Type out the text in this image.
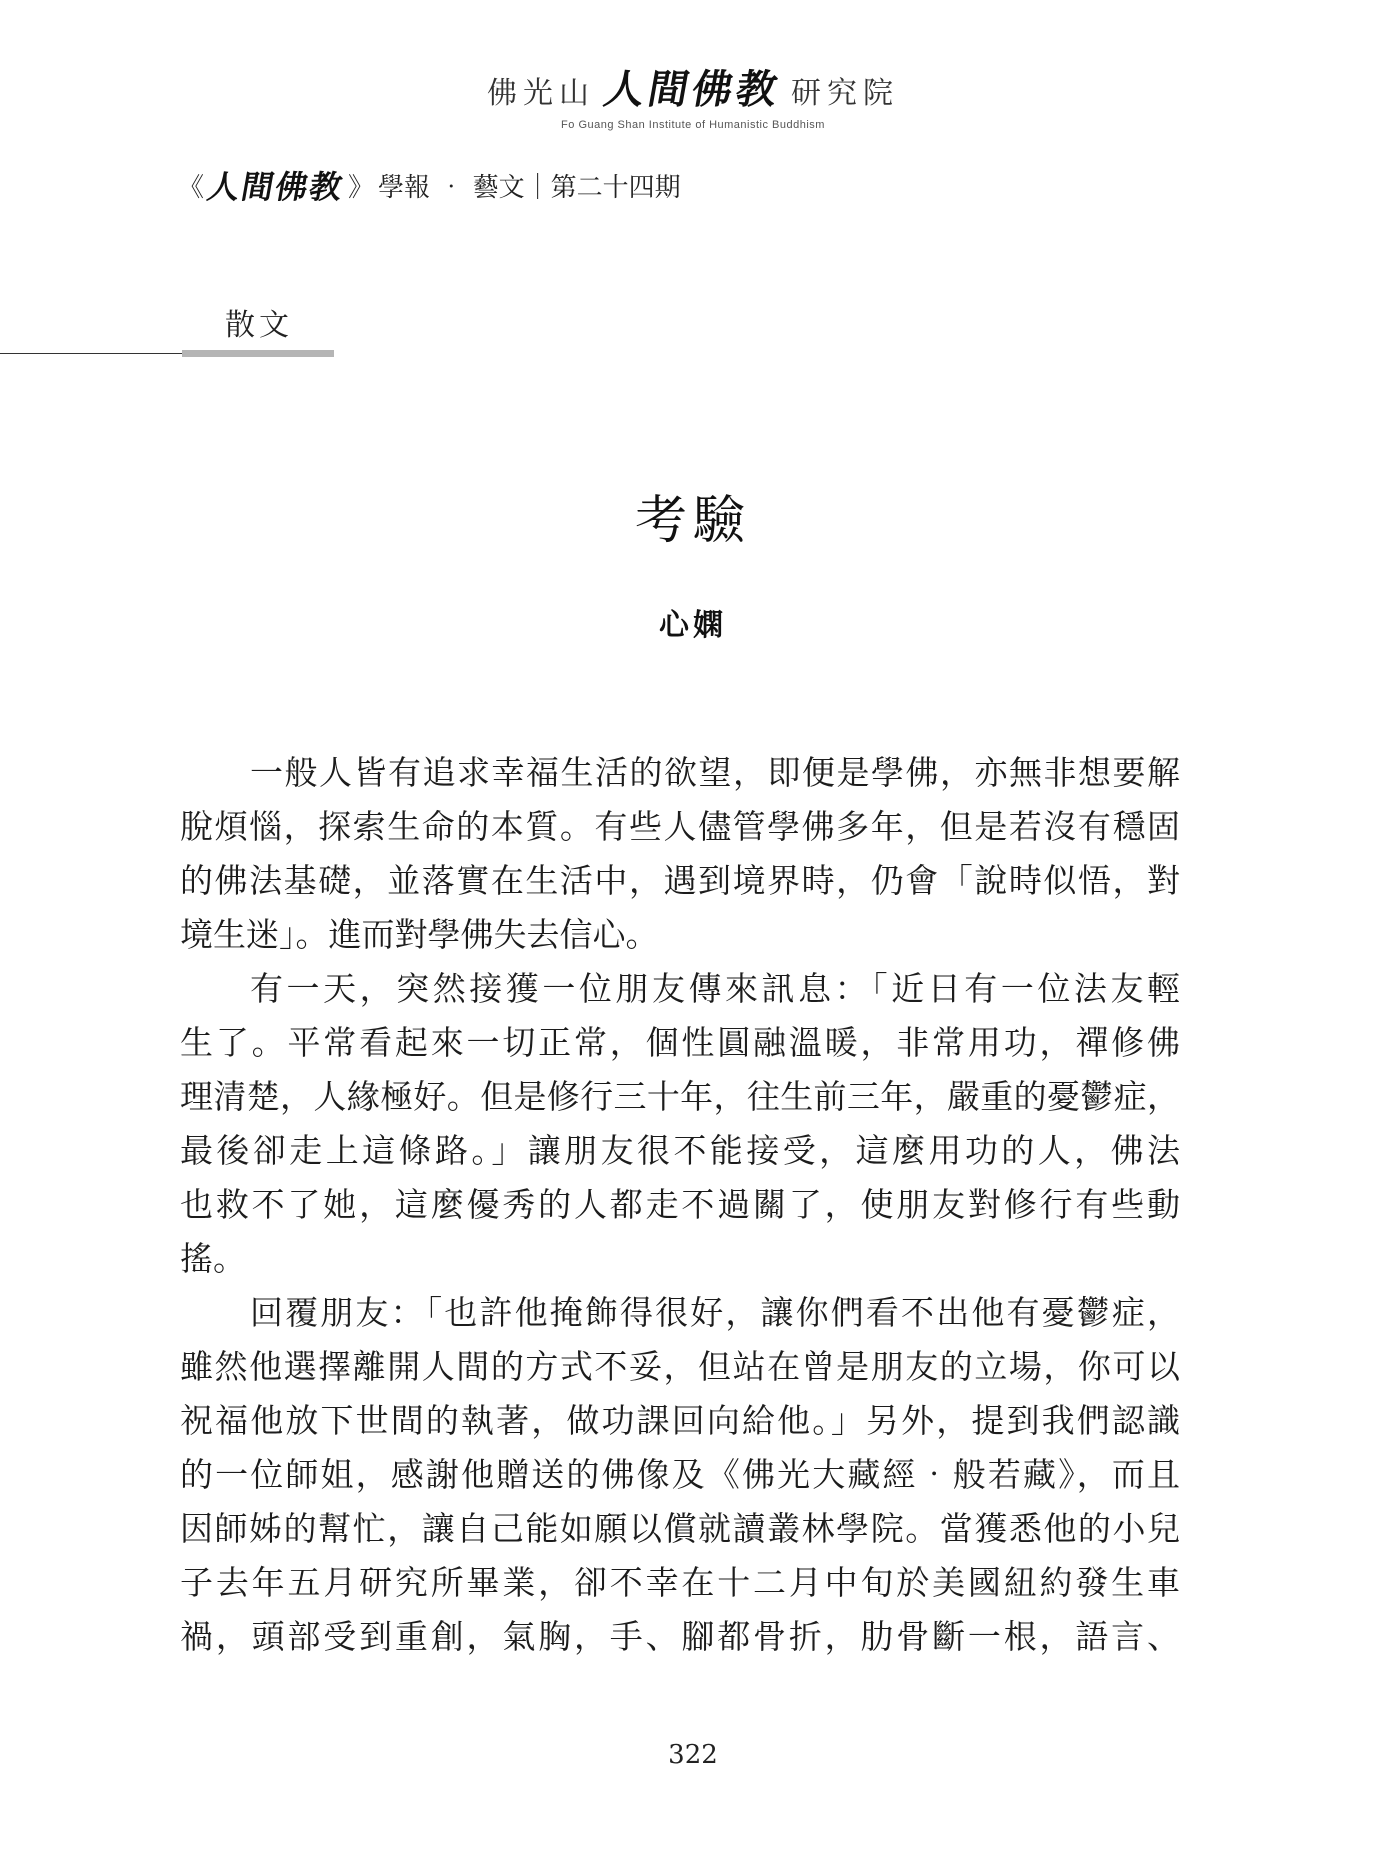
佛光山 人間佛教 研究院
Fo Guang Shan Institute of Humanistic Buddhism
《 人間佛教 》 學報 ‧ 藝文｜第二十四期
散文
考驗
心嫻
一般人皆有追求幸福生活的欲望，即便是學佛，亦無非想要解
脫煩惱，探索生命的本質。有些人儘管學佛多年，但是若沒有穩固
的佛法基礎，並落實在生活中，遇到境界時，仍會「說時似悟，對
境生迷」。進而對學佛失去信心。
有一天，突然接獲一位朋友傳來訊息：「近日有一位法友輕
生了。平常看起來一切正常，個性圓融溫暖，非常用功，禪修佛
理清楚，人緣極好。但是修行三十年，往生前三年，嚴重的憂鬱症，
最後卻走上這條路。」讓朋友很不能接受，這麼用功的人，佛法
也救不了她，這麼優秀的人都走不過關了，使朋友對修行有些動
搖。
回覆朋友：「也許他掩飾得很好，讓你們看不出他有憂鬱症，
雖然他選擇離開人間的方式不妥，但站在曾是朋友的立場，你可以
祝福他放下世間的執著，做功課回向給他。」另外，提到我們認識
的一位師姐，感謝他贈送的佛像及《佛光大藏經‧般若藏》，而且
因師姊的幫忙，讓自己能如願以償就讀叢林學院。當獲悉他的小兒
子去年五月研究所畢業，卻不幸在十二月中旬於美國紐約發生車
禍，頭部受到重創，氣胸，手、腳都骨折，肋骨斷一根，語言、
322
